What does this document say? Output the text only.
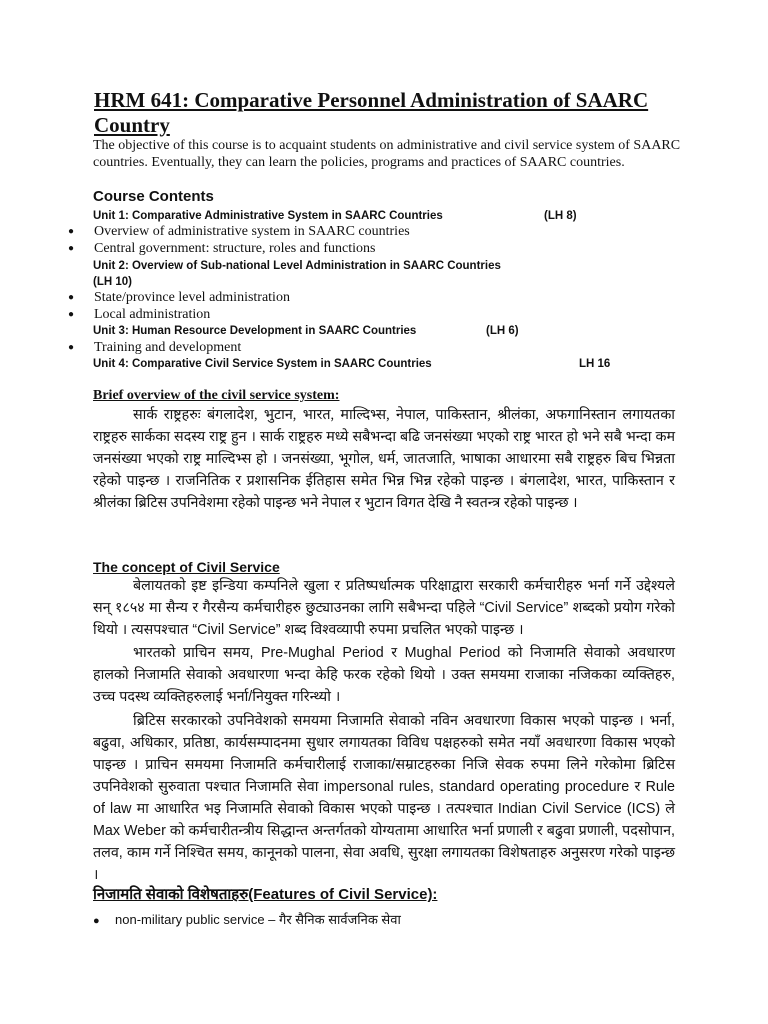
HRM 641: Comparative Personnel Administration of SAARC Country
The objective of this course is to acquaint students on administrative and civil service system of SAARC countries. Eventually, they can learn the policies, programs and practices of SAARC countries.
Course Contents
Unit 1: Comparative Administrative System in SAARC Countries	(LH 8)
● Overview of administrative system in SAARC countries
● Central government: structure, roles and functions
Unit 2: Overview of Sub-national Level Administration in SAARC Countries
(LH 10)
● State/province level administration
● Local administration
Unit 3: Human Resource Development in SAARC Countries	(LH 6)
● Training and development
Unit 4: Comparative Civil Service System in SAARC Countries	LH 16
Brief overview of the civil service system:
सार्क राष्ट्रहरुः बंगलादेश, भुटान, भारत, माल्दिभ्स, नेपाल, पाकिस्तान, श्रीलंका, अफगानिस्तान लगायतका राष्ट्रहरु सार्कका सदस्य राष्ट्र हुन । सार्क राष्ट्रहरु मध्ये सबैभन्दा बढि जनसंख्या भएको राष्ट्र भारत हो भने सबै भन्दा कम जनसंख्या भएको राष्ट्र माल्दिभ्स हो । जनसंख्या, भूगोल, धर्म, जातजाति, भाषाका आधारमा सबै राष्ट्रहरु बिच भिन्नता रहेको पाइन्छ । राजनितिक र प्रशासनिक ईतिहास समेत भिन्न भिन्न रहेको पाइन्छ । बंगलादेश, भारत, पाकिस्तान र श्रीलंका ब्रिटिस उपनिवेशमा रहेको पाइन्छ भने नेपाल र भुटान विगत देखि नै स्वतन्त्र रहेको पाइन्छ ।
The concept of Civil Service
बेलायतको इष्ट इन्डिया कम्पनिले खुला र प्रतिष्पर्धात्मक परिक्षाद्वारा सरकारी कर्मचारीहरु भर्ना गर्ने उद्देश्यले सन् १८५४ मा सैन्य र गैरसैन्य कर्मचारीहरु छुट्याउनका लागि सबैभन्दा पहिले “Civil Service” शब्दको प्रयोग गरेको थियो । त्यसपश्चात “Civil Service” शब्द विश्वव्यापी रुपमा प्रचलित भएको पाइन्छ ।
भारतको प्राचिन समय, Pre-Mughal Period र Mughal Period को निजामति सेवाको अवधारण हालको निजामति सेवाको अवधारणा भन्दा केहि फरक रहेको थियो । उक्त समयमा राजाका नजिकका व्यक्तिहरु, उच्च पदस्थ व्यक्तिहरुलाई भर्ना/नियुक्त गरिन्थ्यो ।
ब्रिटिस सरकारको उपनिवेशको समयमा निजामति सेवाको नविन अवधारणा विकास भएको पाइन्छ । भर्ना, बढुवा, अधिकार, प्रतिष्ठा, कार्यसम्पादनमा सुधार लगायतका विविध पक्षहरुको समेत नयाँ अवधारणा विकास भएको पाइन्छ । प्राचिन समयमा निजामति कर्मचारीलाई राजाका/सम्राटहरुका निजि सेवक रुपमा लिने गरेकोमा ब्रिटिस उपनिवेशको सुरुवाता पश्चात निजामति सेवा impersonal rules, standard operating procedure र Rule of law मा आधारित भइ निजामति सेवाको विकास भएको पाइन्छ । तत्पश्चात Indian Civil Service (ICS) ले Max Weber को कर्मचारीतन्त्रीय सिद्धान्त अन्तर्गतको योग्यतामा आधारित भर्ना प्रणाली र बढुवा प्रणाली, पदसोपान, तलव, काम गर्ने निश्चित समय, कानूनको पालना, सेवा अवधि, सुरक्षा लगायतका विशेषताहरु अनुसरण गरेको पाइन्छ ।
निजामति सेवाको विशेषताहरु(Features of Civil Service):
● non-military public service – गैर सैनिक सार्वजनिक सेवा
